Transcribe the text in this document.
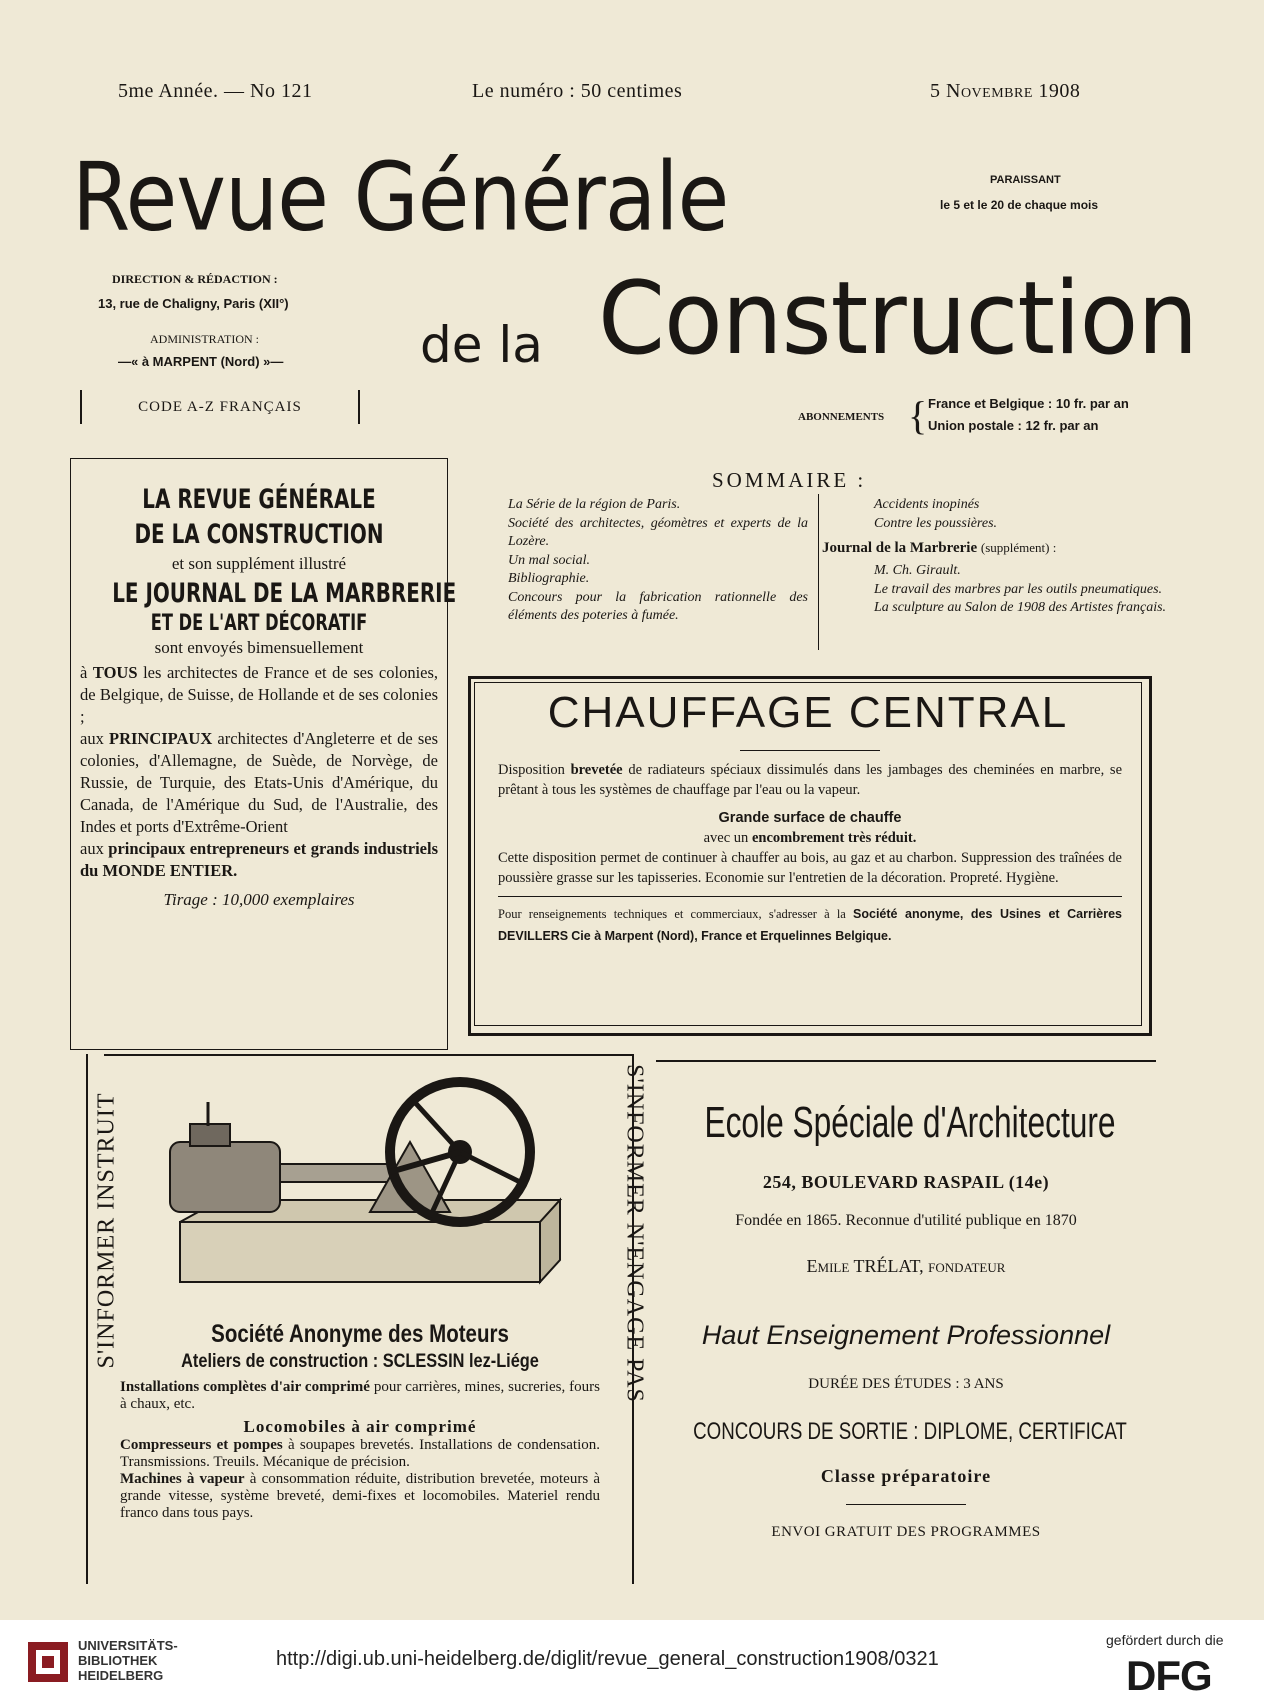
5me Année. — No 121	Le numéro : 50 centimes	5 Novembre 1908
Revue Générale
de la Construction
PARAISSANT
le 5 et le 20 de chaque mois
DIRECTION & RÉDACTION :
13, rue de Chaligny, Paris (XII°)
ADMINISTRATION :
—« à MARPENT (Nord) »—
CODE A-Z FRANÇAIS
ABONNEMENTS { France et Belgique : 10 fr. par an
Union postale : 12 fr. par an
LA REVUE GÉNÉRALE
DE LA CONSTRUCTION
et son supplément illustré
LE JOURNAL DE LA MARBRERIE
ET DE L'ART DÉCORATIF
sont envoyés bimensuellement
à TOUS les architectes de France et de ses colonies, de Belgique, de Suisse, de Hollande et de ses colonies ;
aux PRINCIPAUX architectes d'Angleterre et de ses colonies, d'Allemagne, de Suède, de Norvège, de Russie, de Turquie, des Etats-Unis d'Amérique, du Canada, de l'Amérique du Sud, de l'Australie, des Indes et ports d'Extrême-Orient
aux principaux entrepreneurs et grands industriels du MONDE ENTIER.
Tirage : 10,000 exemplaires
SOMMAIRE :
La Série de la région de Paris.
Société des architectes, géomètres et experts de la Lozère.
Un mal social.
Bibliographie.
Concours pour la fabrication rationnelle des éléments des poteries à fumée.
Accidents inopinés
Contre les poussières.
Journal de la Marbrerie (supplément) :
M. Ch. Girault.
Le travail des marbres par les outils pneumatiques.
La sculpture au Salon de 1908 des Artistes français.
CHAUFFAGE CENTRAL
Disposition brevetée de radiateurs spéciaux dissimulés dans les jambages des cheminées en marbre, se prêtant à tous les systèmes de chauffage par l'eau ou la vapeur.
Grande surface de chauffe
avec un encombrement très réduit.
Cette disposition permet de continuer à chauffer au bois, au gaz et au charbon. Suppression des traînées de poussière grasse sur les tapisseries. Economie sur l'entretien de la décoration. Propreté. Hygiène.
Pour renseignements techniques et commerciaux, s'adresser à la Société anonyme, des Usines et Carrières DEVILLERS Cie à Marpent (Nord), France et Erquelinnes Belgique.
S'INFORMER INSTRUIT	S'INFORMER N'ENGAGE PAS
Société Anonyme des Moteurs
Ateliers de construction : SCLESSIN lez-Liége
Installations complètes d'air comprimé pour carrières, mines, sucreries, fours à chaux, etc.
Locomobiles à air comprimé
Compresseurs et pompes à soupapes brevetés. Installations de condensation. Transmissions. Treuils. Mécanique de précision.
Machines à vapeur à consommation réduite, distribution brevetée, moteurs à grande vitesse, système breveté, demi-fixes et locomobiles. Materiel rendu franco dans tous pays.
Ecole Spéciale d'Architecture
254, BOULEVARD RASPAIL (14e)
Fondée en 1865. Reconnue d'utilité publique en 1870
Emile TRÉLAT, fondateur
Haut Enseignement Professionnel
DURÉE DES ÉTUDES : 3 ANS
CONCOURS DE SORTIE : DIPLOME, CERTIFICAT
Classe préparatoire
ENVOI GRATUIT DES PROGRAMMES
UNIVERSITÄTS-
BIBLIOTHEK
HEIDELBERG
http://digi.ub.uni-heidelberg.de/diglit/revue_general_construction1908/0321
gefördert durch die
DFG
